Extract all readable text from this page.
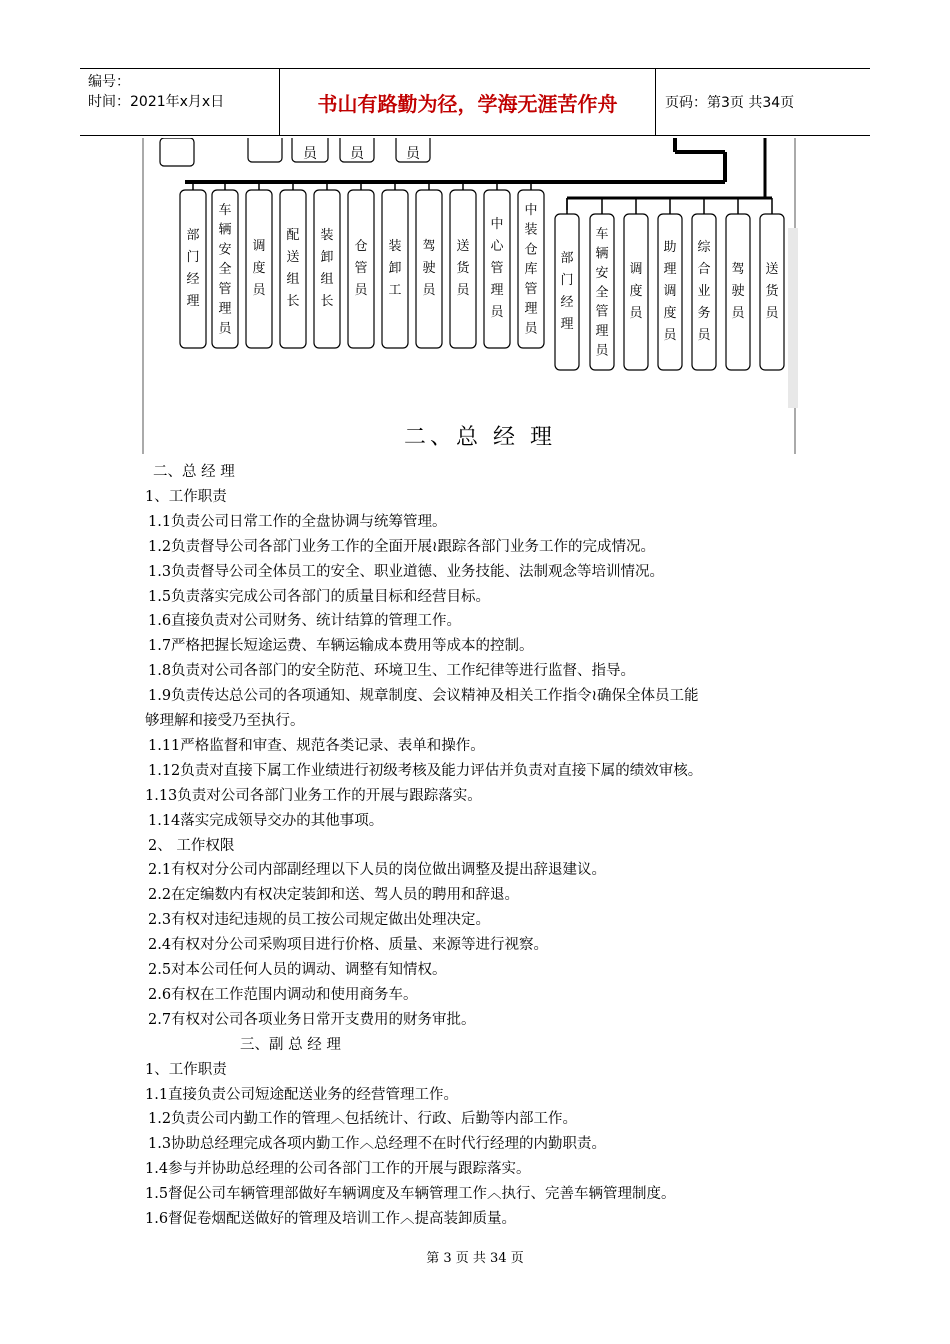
编号：
时间：2021年x月x日	书山有路勤为径，学海无涯苦作舟	页码：第3页 共34页
员 员	员
部
门
经
理
车
辆
安
全
管
理
员
调
度
员
配
送
组
长
装
卸
组
长
仓
管
员
装
卸
工
驾
驶
员
送
货
员
中
心
管
理
员
中
装
仓
库
管
理
员
部
门
经
理
车
辆
安
全
管
理
员
调
度
员
助
理
调
度
员
综
合
业
务
员
驾
驶
员
送
货
员
二、总 经 理
二、总 经 理
1、工作职责
1.1负责公司日常工作的全盘协调与统筹管理。
1.2负责督导公司各部门业务工作的全面开展≀跟踪各部门业务工作的完成情况。
1.3负责督导公司全体员工的安全、职业道德、业务技能、法制观念等培训情况。
1.5负责落实完成公司各部门的质量目标和经营目标。
1.6直接负责对公司财务、统计结算的管理工作。
1.7严格把握长短途运费、车辆运输成本费用等成本的控制。
1.8负责对公司各部门的安全防范、环境卫生、工作纪律等进行监督、指导。
1.9负责传达总公司的各项通知、规章制度、会议精神及相关工作指令≀确保全体员工能
够理解和接受乃至执行。
1.11严格监督和审查、规范各类记录、表单和操作。
1.12负责对直接下属工作业绩进行初级考核及能力评估并负责对直接下属的绩效审核。
1.13负责对公司各部门业务工作的开展与跟踪落实。
1.14落实完成领导交办的其他事项。
2、 工作权限
2.1有权对分公司内部副经理以下人员的岗位做出调整及提出辞退建议。
2.2在定编数内有权决定装卸和送、驾人员的聘用和辞退。
2.3有权对违纪违规的员工按公司规定做出处理决定。
2.4有权对分公司采购项目进行价格、质量、来源等进行视察。
2.5对本公司任何人员的调动、调整有知情权。
2.6有权在工作范围内调动和使用商务车。
2.7有权对公司各项业务日常开支费用的财务审批。
三、副 总 经 理
1、工作职责
1.1直接负责公司短途配送业务的经营管理工作。
1.2负责公司内勤工作的管理︿包括统计、行政、后勤等内部工作。
1.3协助总经理完成各项内勤工作︿总经理不在时代行经理的内勤职责。
1.4参与并协助总经理的公司各部门工作的开展与跟踪落实。
1.5督促公司车辆管理部做好车辆调度及车辆管理工作︿执行、完善车辆管理制度。
1.6督促卷烟配送做好的管理及培训工作︿提高装卸质量。
第 3 页 共 34 页
